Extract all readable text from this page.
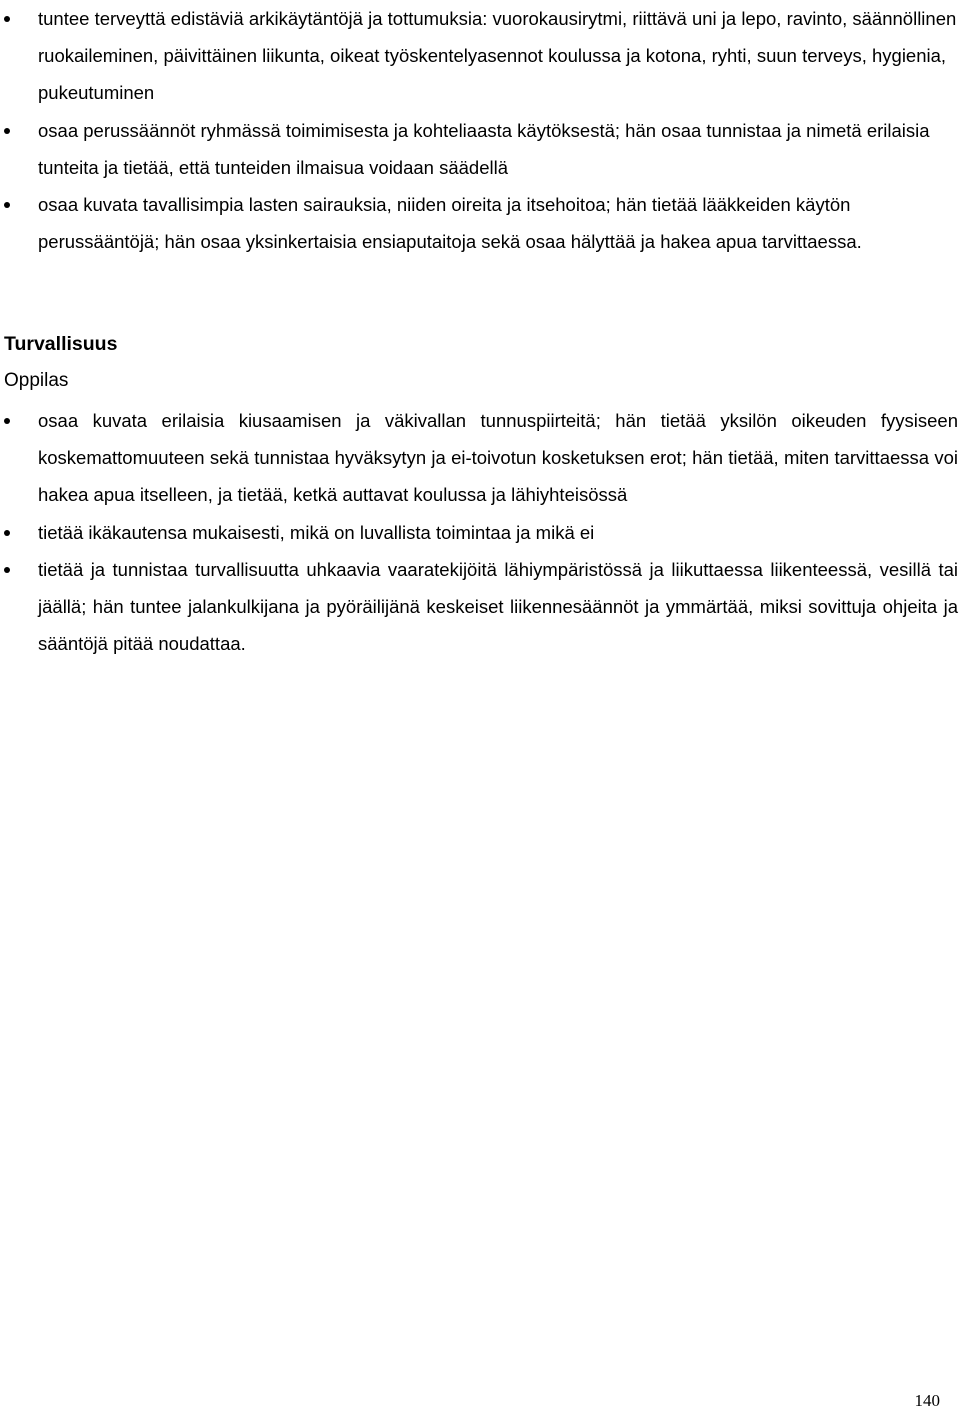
tuntee terveyttä edistäviä arkikäytäntöjä ja tottumuksia: vuorokausirytmi, riittävä uni ja lepo, ravinto, säännöllinen ruokaileminen, päivittäinen liikunta, oikeat työskentelyasennot koulussa ja kotona, ryhti, suun terveys, hygienia, pukeutuminen
osaa perussäännöt ryhmässä toimimisesta ja kohteliaasta käytöksestä; hän osaa tunnistaa ja nimetä erilaisia tunteita ja tietää, että tunteiden ilmaisua voidaan säädellä
osaa kuvata tavallisimpia lasten sairauksia, niiden oireita ja itsehoitoa; hän tietää lääkkeiden käytön perussääntöjä; hän osaa yksinkertaisia ensiaputaitoja sekä osaa hälyttää ja hakea apua tarvittaessa.
Turvallisuus
Oppilas
osaa kuvata erilaisia kiusaamisen ja väkivallan tunnuspiirteitä; hän tietää yksilön oikeuden fyysiseen koskemattomuuteen sekä tunnistaa hyväksytyn ja ei-toivotun kosketuksen erot; hän tietää, miten tarvittaessa voi hakea apua itselleen, ja tietää, ketkä auttavat koulussa ja lähiyhteisössä
tietää ikäkautensa mukaisesti, mikä on luvallista toimintaa ja mikä ei
tietää ja tunnistaa turvallisuutta uhkaavia vaaratekijöitä lähiympäristössä ja liikuttaessa liikenteessä, vesillä tai jäällä; hän tuntee jalankulkijana ja pyöräilijänä keskeiset liikennesäännöt ja ymmärtää, miksi sovittuja ohjeita ja sääntöjä pitää noudattaa.
140
